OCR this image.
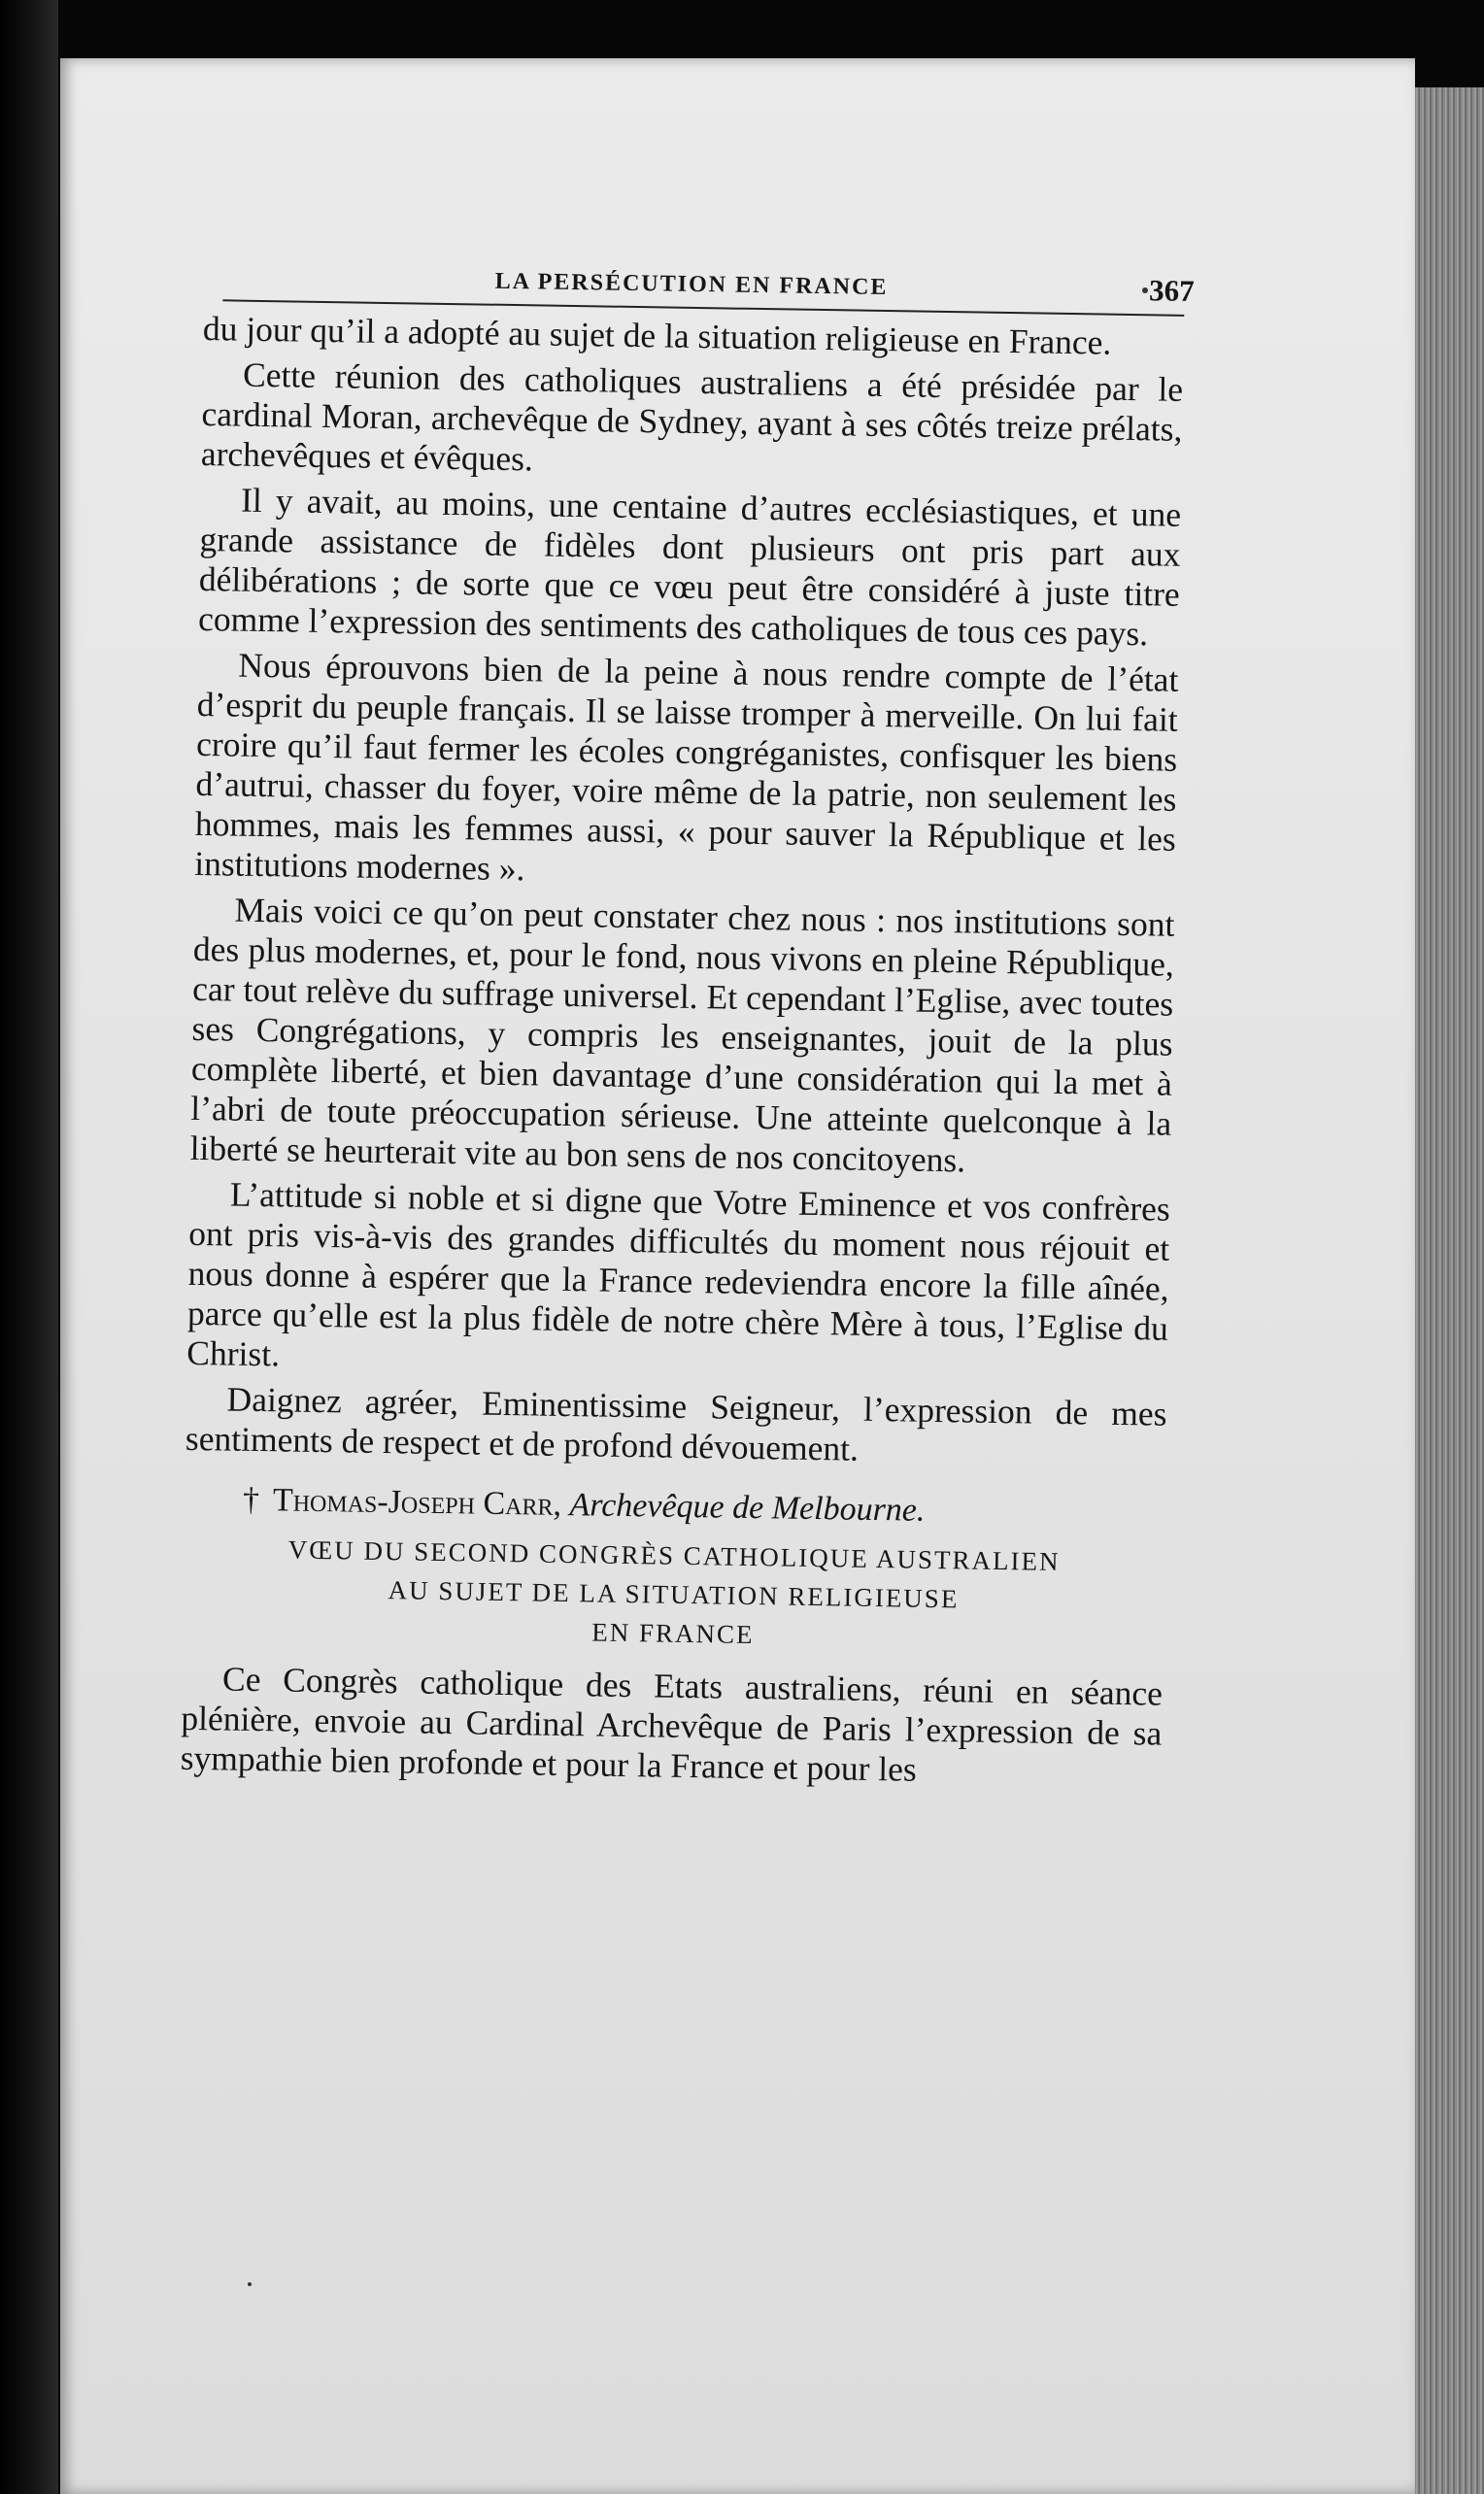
LA PERSÉCUTION EN FRANCE	367

du jour qu’il a adopté au sujet de la situation religieuse en France.

Cette réunion des catholiques australiens a été présidée par le cardinal Moran, archevêque de Sydney, ayant à ses côtés treize prélats, archevêques et évêques.

Il y avait, au moins, une centaine d’autres ecclésiastiques, et une grande assistance de fidèles dont plusieurs ont pris part aux délibérations ; de sorte que ce vœu peut être considéré à juste titre comme l’expression des sentiments des catholiques de tous ces pays.

Nous éprouvons bien de la peine à nous rendre compte de l’état d’esprit du peuple français. Il se laisse tromper à merveille. On lui fait croire qu’il faut fermer les écoles congréganistes, confisquer les biens d’autrui, chasser du foyer, voire même de la patrie, non seulement les hommes, mais les femmes aussi, « pour sauver la République et les institutions modernes ».

Mais voici ce qu’on peut constater chez nous : nos institutions sont des plus modernes, et, pour le fond, nous vivons en pleine République, car tout relève du suffrage universel. Et cependant l’Eglise, avec toutes ses Congrégations, y compris les enseignantes, jouit de la plus complète liberté, et bien davantage d’une considération qui la met à l’abri de toute préoccupation sérieuse. Une atteinte quelconque à la liberté se heurterait vite au bon sens de nos concitoyens.

L’attitude si noble et si digne que Votre Eminence et vos confrères ont pris vis-à-vis des grandes difficultés du moment nous réjouit et nous donne à espérer que la France redeviendra encore la fille aînée, parce qu’elle est la plus fidèle de notre chère Mère à tous, l’Eglise du Christ.

Daignez agréer, Eminentissime Seigneur, l’expression de mes sentiments de respect et de profond dévouement.

† Thomas-Joseph Carr, Archevêque de Melbourne.
VŒU DU SECOND CONGRÈS CATHOLIQUE AUSTRALIEN
AU SUJET DE LA SITUATION RELIGIEUSE
EN FRANCE

Ce Congrès catholique des Etats australiens, réuni en séance plénière, envoie au Cardinal Archevêque de Paris l’expression de sa sympathie bien profonde et pour la France et pour les
